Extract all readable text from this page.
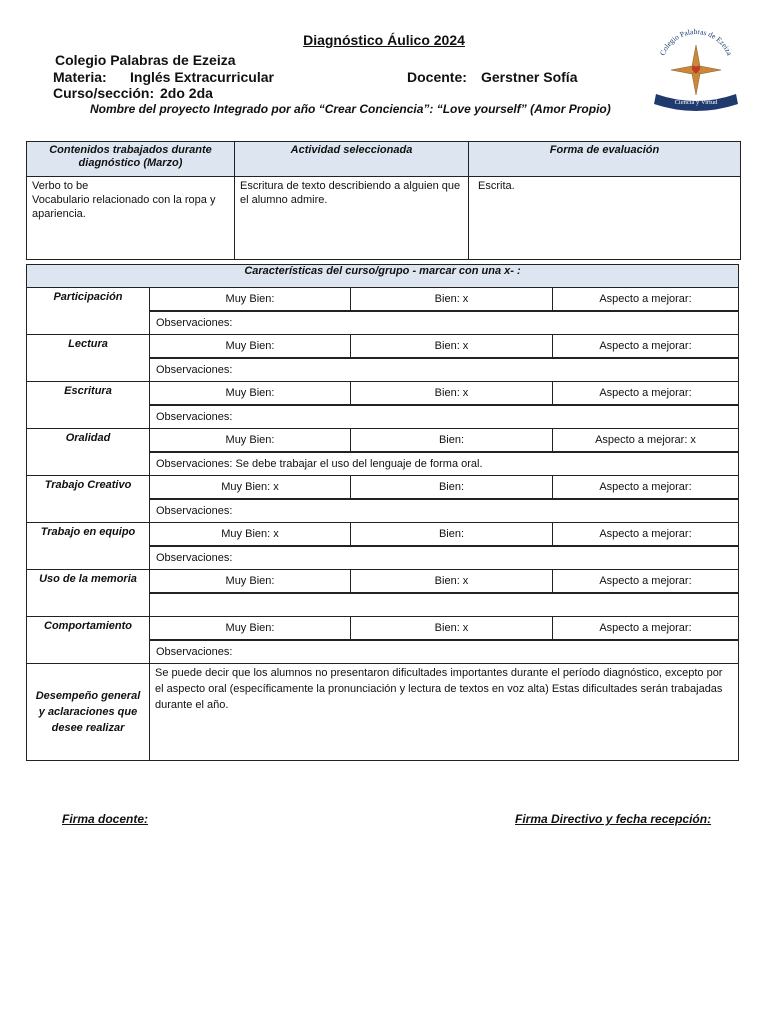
Diagnóstico Áulico 2024
Colegio Palabras de Ezeiza
Materia: Inglés Extracurricular	Docente: Gerstner Sofía
Curso/sección: 2do 2da
Nombre del proyecto Integrado por año “Crear Conciencia”: “Love yourself” (Amor Propio)
Colegio Palabras de Ezeiza
Ciencia y Virtud
Contenidos trabajados durante diagnóstico (Marzo)	Actividad seleccionada	Forma de evaluación
Verbo to be
Vocabulario relacionado con la ropa y apariencia.	Escritura de texto describiendo a alguien que el alumno admire.	Escrita.
Características del curso/grupo - marcar con una x- :			
Participación	Muy Bien:	Bien: x	Aspecto a mejorar:
	Observaciones:		
Lectura	Muy Bien:	Bien: x	Aspecto a mejorar:
	Observaciones:		
Escritura	Muy Bien:	Bien: x	Aspecto a mejorar:
	Observaciones:		
Oralidad	Muy Bien:	Bien:	Aspecto a mejorar: x
	Observaciones: Se debe trabajar el uso del lenguaje de forma oral.		
Trabajo Creativo	Muy Bien: x	Bien:	Aspecto a mejorar:
	Observaciones:		
Trabajo en equipo	Muy Bien: x	Bien:	Aspecto a mejorar:
	Observaciones:		
Uso de la memoria	Muy Bien:	Bien: x	Aspecto a mejorar:

Comportamiento	Muy Bien:	Bien: x	Aspecto a mejorar:
	Observaciones:		
Desempeño general y aclaraciones que desee realizar	Se puede decir que los alumnos no presentaron dificultades importantes durante el período diagnóstico, excepto por el aspecto oral (específicamente la pronunciación y lectura de textos en voz alta) Estas dificultades serán trabajadas durante el año.		
Firma docente:	Firma Directivo y fecha recepción:
